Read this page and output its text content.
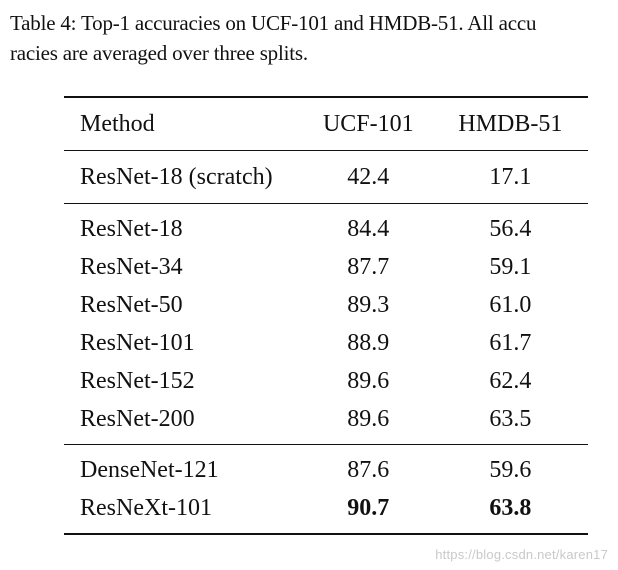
Table 4: Top-1 accuracies on UCF-101 and HMDB-51. All accu
racies are averaged over three splits.
Method	UCF-101	HMDB-51
ResNet-18 (scratch)	42.4	17.1
ResNet-18	84.4	56.4
ResNet-34	87.7	59.1
ResNet-50	89.3	61.0
ResNet-101	88.9	61.7
ResNet-152	89.6	62.4
ResNet-200	89.6	63.5
DenseNet-121	87.6	59.6
ResNeXt-101	90.7	63.8
https://blog.csdn.net/karen17
